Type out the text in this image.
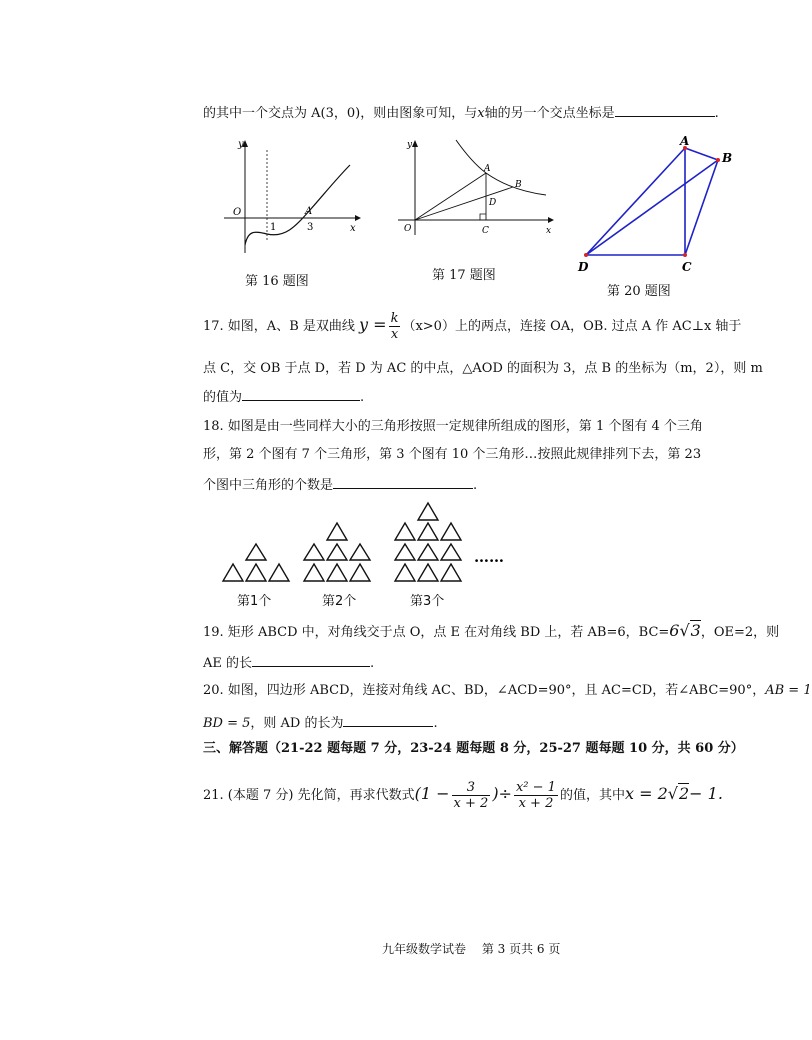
的其中一个交点为 A(3，0)，则由图象可知，与x轴的另一个交点坐标是	.
y
x
O
1	3
A
第 16 题图
y
x
O	C
A
B
D
第 17 题图
A
B
C
D
第 20 题图
17. 如图，A、B 是双曲线 $y = \frac{k}{x} (x>0)$上的两点，连接 OA，OB. 过点 A 作 AC⊥x 轴于
点 C，交 OB 于点 D，若 D 为 AC 的中点，△AOD 的面积为 3，点 B 的坐标为（m，2），则 m
的值为	.
18. 如图是由一些同样大小的三角形按照一定规律所组成的图形，第 1 个图有 4 个三角
形，第 2 个图有 7 个三角形，第 3 个图有 10 个三角形…按照此规律排列下去，第 23
个图中三角形的个数是	.
……
第1个	第2个	第3个
19. 矩形 ABCD 中，对角线交于点 O，点 E 在对角线 BD 上，若 AB=6，BC=6√3，OE=2，则
AE 的长	.
20. 如图，四边形 ABCD，连接对角线 AC、BD，∠ACD=90°，且 AC=CD，若∠ABC=90°，AB = 1
BD = 5，则 AD 的长为	.
三、解答题（21-22 题每题 7 分，23-24 题每题 8 分，25-27 题每题 10 分，共 60 分）
21. (本题 7 分) 先化简，再求代数式($1 - \frac{3}{x + 2}$ )÷ $\frac{\text{x² − 1}}{x + 2}$ 的值，其中x = 2√2− 1.
九年级数学试卷　 第 3 页共 6 页
